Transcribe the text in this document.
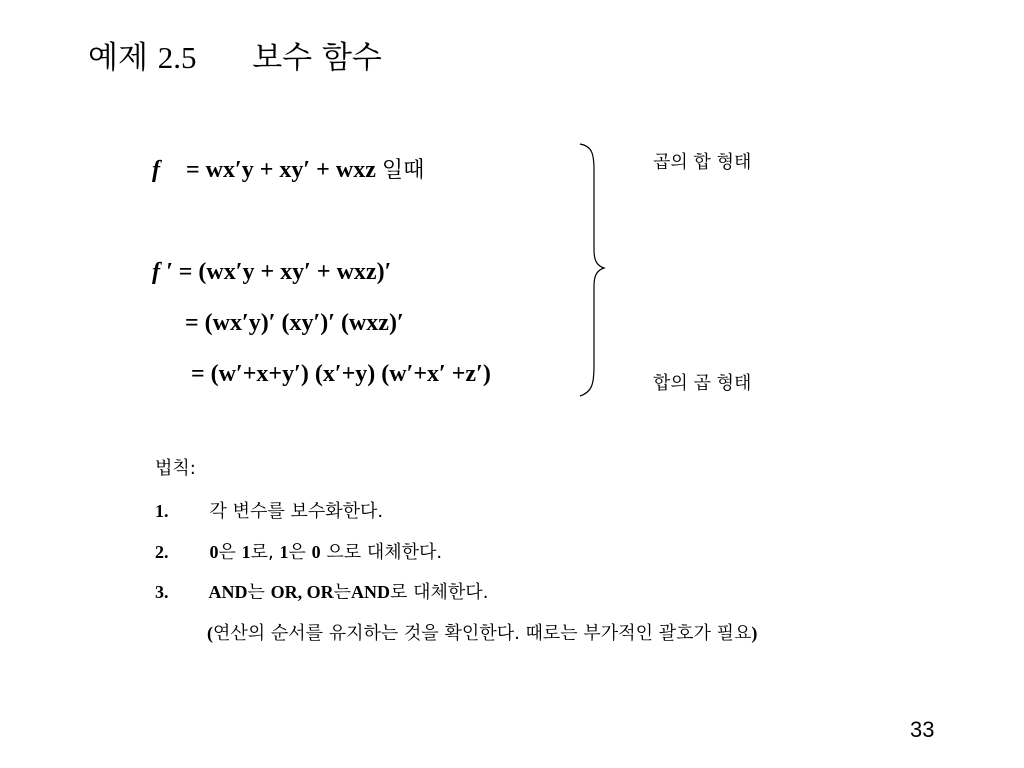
예제 2.5 보수 함수
f = wx′y + xy′ + wxz 일때
f ′ = (wx′y + xy′ + wxz)′
= (wx′y)′ (xy′)′ (wxz)′
= (w′+x+y′) (x′+y) (w′+x′ +z′)
곱의 합 형태
합의 곱 형태
법칙:
1. 각 변수를 보수화한다.
2. 0은 1로, 1은 0 으로 대체한다.
3. AND는 OR, OR는AND로 대체한다.
(연산의 순서를 유지하는 것을 확인한다. 때로는 부가적인 괄호가 필요)
33
